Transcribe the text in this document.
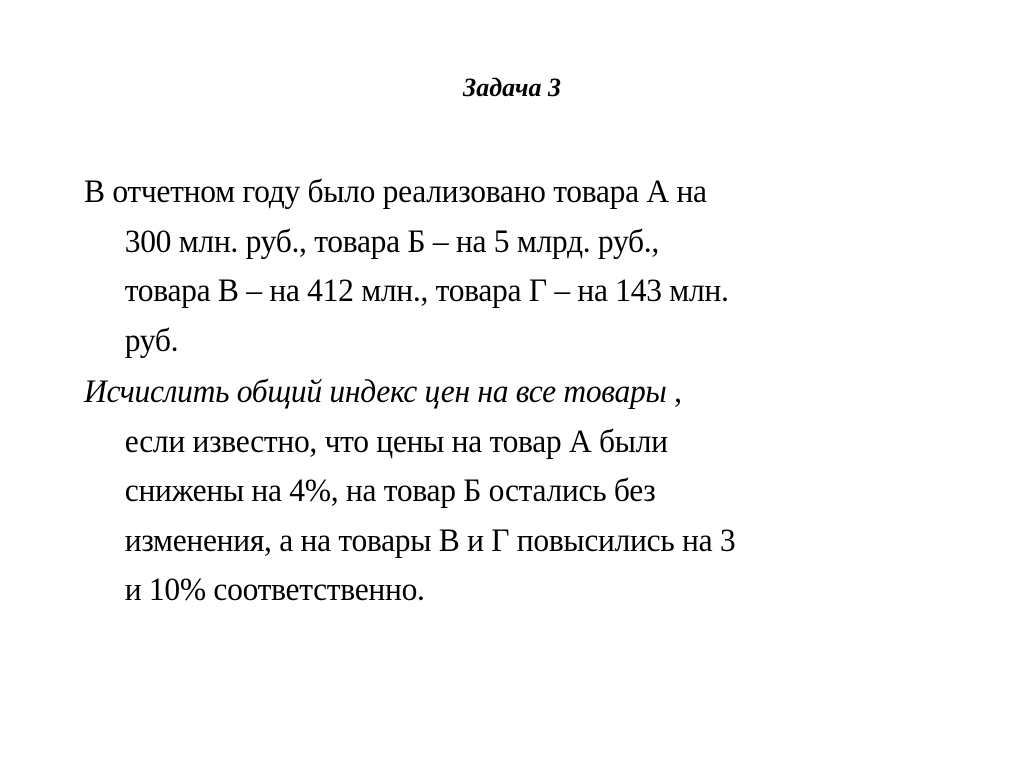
Задача 3
В отчетном году было реализовано товара А на
300 млн. руб., товара Б – на 5 млрд. руб.,
товара В – на 412 млн., товара Г – на 143 млн.
руб.
Исчислить общий индекс цен на все товары ,
если известно, что цены на товар А были
снижены на 4%, на товар Б остались без
изменения, а на товары В и Г повысились на 3
и 10% соответственно.
